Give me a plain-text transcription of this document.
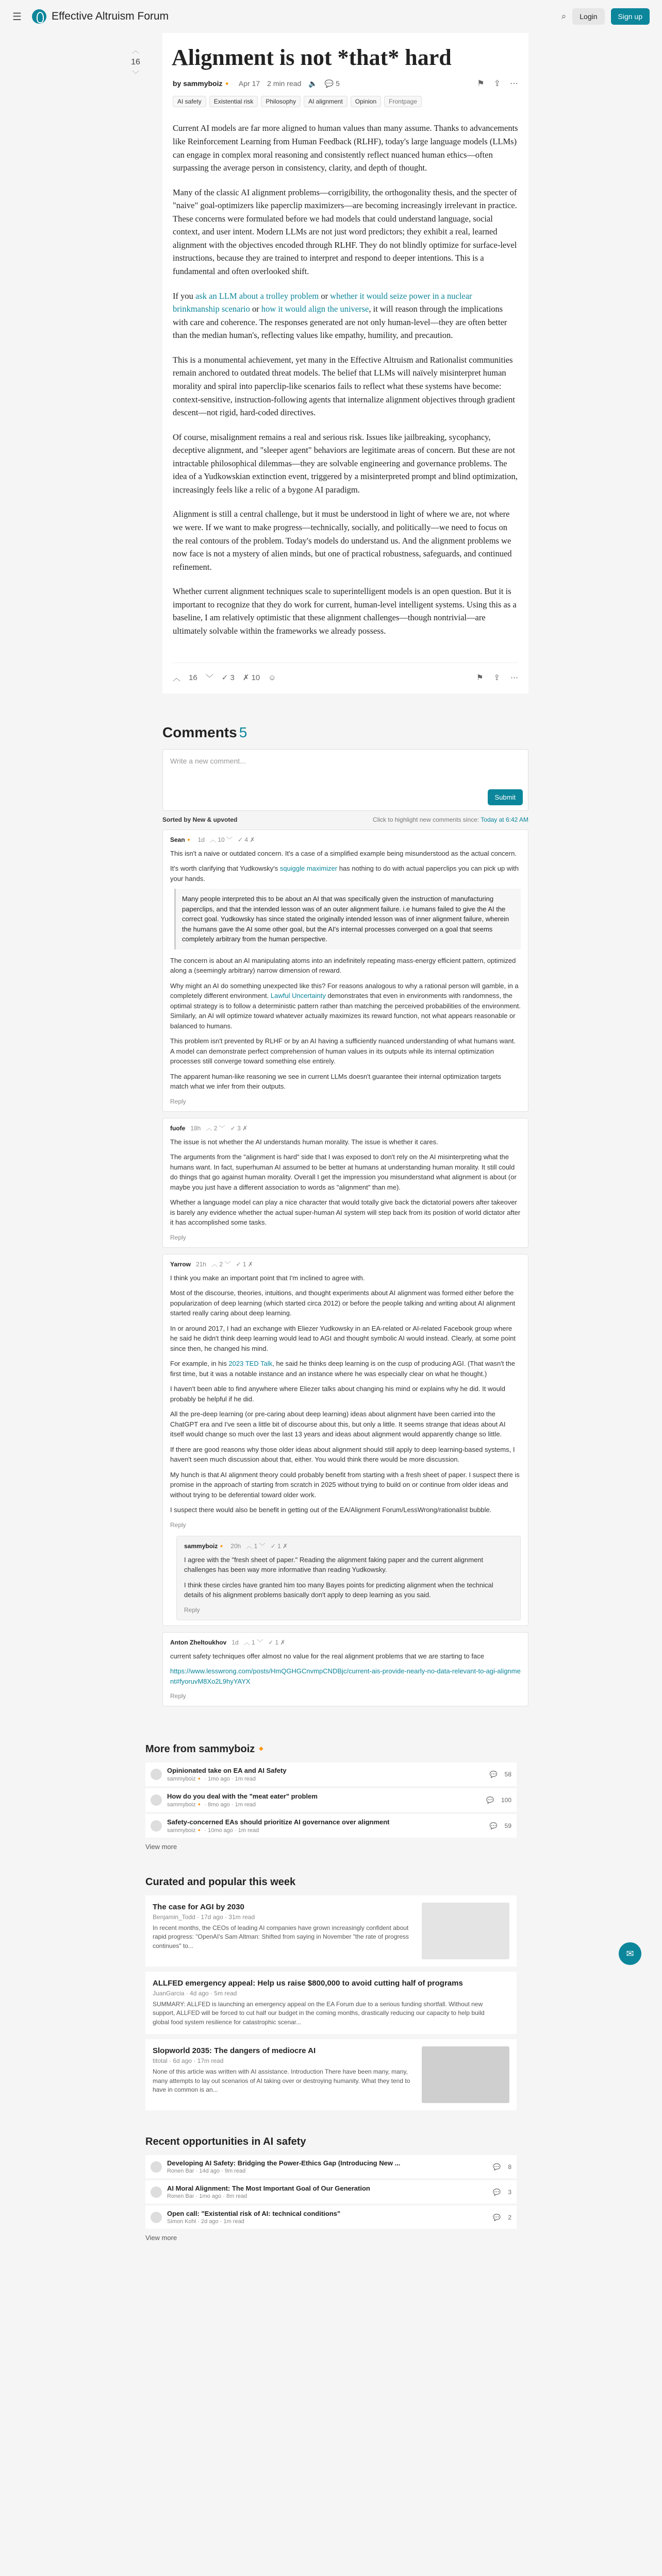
☰	Effective Altruism Forum	⌕	Login	Sign up
︿
16
﹀
Alignment is not *that* hard
by sammyboiz🔸 Apr 17 2 min read 🔈 💬 5	⚑ ⇪ ⋯
AI safety	Existential risk	Philosophy	AI alignment	Opinion	Frontpage

Current AI models are far more aligned to human values than many assume. Thanks to advancements like Reinforcement Learning from Human Feedback (RLHF), today's large language models (LLMs) can engage in complex moral reasoning and consistently reflect nuanced human ethics—often surpassing the average person in consistency, clarity, and depth of thought.

Many of the classic AI alignment problems—corrigibility, the orthogonality thesis, and the specter of "naive" goal-optimizers like paperclip maximizers—are becoming increasingly irrelevant in practice. These concerns were formulated before we had models that could understand language, social context, and user intent. Modern LLMs are not just word predictors; they exhibit a real, learned alignment with the objectives encoded through RLHF. They do not blindly optimize for surface-level instructions, because they are trained to interpret and respond to deeper intentions. This is a fundamental and often overlooked shift.

If you ask an LLM about a trolley problem or whether it would seize power in a nuclear brinkmanship scenario or how it would align the universe, it will reason through the implications with care and coherence. The responses generated are not only human-level—they are often better than the median human's, reflecting values like empathy, humility, and precaution.

This is a monumental achievement, yet many in the Effective Altruism and Rationalist communities remain anchored to outdated threat models. The belief that LLMs will naïvely misinterpret human morality and spiral into paperclip-like scenarios fails to reflect what these systems have become: context-sensitive, instruction-following agents that internalize alignment objectives through gradient descent—not rigid, hard-coded directives.

Of course, misalignment remains a real and serious risk. Issues like jailbreaking, sycophancy, deceptive alignment, and "sleeper agent" behaviors are legitimate areas of concern. But these are not intractable philosophical dilemmas—they are solvable engineering and governance problems. The idea of a Yudkowskian extinction event, triggered by a misinterpreted prompt and blind optimization, increasingly feels like a relic of a bygone AI paradigm.

Alignment is still a central challenge, but it must be understood in light of where we are, not where we were. If we want to make progress—technically, socially, and politically—we need to focus on the real contours of the problem. Today's models do understand us. And the alignment problems we now face is not a mystery of alien minds, but one of practical robustness, safeguards, and continued refinement.

Whether current alignment techniques scale to superintelligent models is an open question. But it is important to recognize that they do work for current, human-level intelligent systems. Using this as a baseline, I am relatively optimistic that these alignment challenges—though nontrivial—are ultimately solvable within the frameworks we already possess.

︿ 16 ﹀ ✓ 3 ✗ 10 ☺	⚑ ⇪ ⋯
Comments 5
Write a new comment...
Submit
Sorted by New & upvoted	Click to highlight new comments since: Today at 6:42 AM
Sean🔸 1d ︿ 10 ﹀ ✓ 4 ✗

This isn't a naive or outdated concern. It's a case of a simplified example being misunderstood as the actual concern.

It's worth clarifying that Yudkowsky's squiggle maximizer has nothing to do with actual paperclips you can pick up with your hands.

Many people interpreted this to be about an AI that was specifically given the instruction of manufacturing paperclips, and that the intended lesson was of an outer alignment failure. i.e humans failed to give the AI the correct goal. Yudkowsky has since stated the originally intended lesson was of inner alignment failure, wherein the humans gave the AI some other goal, but the AI's internal processes converged on a goal that seems completely arbitrary from the human perspective.

The concern is about an AI manipulating atoms into an indefinitely repeating mass-energy efficient pattern, optimized along a (seemingly arbitrary) narrow dimension of reward.

Why might an AI do something unexpected like this? For reasons analogous to why a rational person will gamble, in a completely different environment. Lawful Uncertainty demonstrates that even in environments with randomness, the optimal strategy is to follow a deterministic pattern rather than matching the perceived probabilities of the environment. Similarly, an AI will optimize toward whatever actually maximizes its reward function, not what appears reasonable or balanced to humans.

This problem isn't prevented by RLHF or by an AI having a sufficiently nuanced understanding of what humans want. A model can demonstrate perfect comprehension of human values in its outputs while its internal optimization processes still converge toward something else entirely.

The apparent human-like reasoning we see in current LLMs doesn't guarantee their internal optimization targets match what we infer from their outputs.

Reply
fuofe 18h ︿ 2 ﹀ ✓ 3 ✗

The issue is not whether the AI understands human morality. The issue is whether it cares.

The arguments from the "alignment is hard" side that I was exposed to don't rely on the AI misinterpreting what the humans want. In fact, superhuman AI assumed to be better at humans at understanding human morality. It still could do things that go against human morality. Overall I get the impression you misunderstand what alignment is about (or maybe you just have a different association to words as "alignment" than me).

Whether a language model can play a nice character that would totally give back the dictatorial powers after takeover is barely any evidence whether the actual super-human AI system will step back from its position of world dictator after it has accomplished some tasks.

Reply
Yarrow 21h ︿ 2 ﹀ ✓ 1 ✗

I think you make an important point that I'm inclined to agree with.

Most of the discourse, theories, intuitions, and thought experiments about AI alignment was formed either before the popularization of deep learning (which started circa 2012) or before the people talking and writing about AI alignment started really caring about deep learning.

In or around 2017, I had an exchange with Eliezer Yudkowsky in an EA-related or AI-related Facebook group where he said he didn't think deep learning would lead to AGI and thought symbolic AI would instead. Clearly, at some point since then, he changed his mind.

For example, in his 2023 TED Talk, he said he thinks deep learning is on the cusp of producing AGI. (That wasn't the first time, but it was a notable instance and an instance where he was especially clear on what he thought.)

I haven't been able to find anywhere where Eliezer talks about changing his mind or explains why he did. It would probably be helpful if he did.

All the pre-deep learning (or pre-caring about deep learning) ideas about alignment have been carried into the ChatGPT era and I've seen a little bit of discourse about this, but only a little. It seems strange that ideas about AI itself would change so much over the last 13 years and ideas about alignment would apparently change so little.

If there are good reasons why those older ideas about alignment should still apply to deep learning-based systems, I haven't seen much discussion about that, either. You would think there would be more discussion.

My hunch is that AI alignment theory could probably benefit from starting with a fresh sheet of paper. I suspect there is promise in the approach of starting from scratch in 2025 without trying to build on or continue from older ideas and without trying to be deferential toward older work.

I suspect there would also be benefit in getting out of the EA/Alignment Forum/LessWrong/rationalist bubble.

Reply
sammyboiz🔸 20h ︿ 1 ﹀ ✓ 1 ✗

I agree with the "fresh sheet of paper." Reading the alignment faking paper and the current alignment challenges has been way more informative than reading Yudkowsky.

I think these circles have granted him too many Bayes points for predicting alignment when the technical details of his alignment problems basically don't apply to deep learning as you said.

Reply
Anton Zheltoukhov 1d ︿ 1 ﹀ ✓ 1 ✗

current safety techniques offer almost no value for the real alignment problems that we are starting to face

https://www.lesswrong.com/posts/HmQGHGCnvmpCNDBjc/current-ais-provide-nearly-no-data-relevant-to-agi-alignment#fyoruvM8Xo2L9hyYAYX

Reply
More from sammyboiz🔸
Opinionated take on EA and AI Safety
sammyboiz🔸 · 1mo ago · 1m read
💬 58
How do you deal with the "meat eater" problem
sammyboiz🔸 · 8mo ago · 1m read
💬 100
Safety-concerned EAs should prioritize AI governance over alignment
sammyboiz🔸 · 10mo ago · 1m read
💬 59
View more
Curated and popular this week
The case for AGI by 2030
Benjamin_Todd · 17d ago · 31m read
In recent months, the CEOs of leading AI companies have grown increasingly confident about rapid progress: "OpenAI's Sam Altman: Shifted from saying in November "the rate of progress continues" to...
ALLFED emergency appeal: Help us raise $800,000 to avoid cutting half of programs
JuanGarcia · 4d ago · 5m read
SUMMARY: ALLFED is launching an emergency appeal on the EA Forum due to a serious funding shortfall. Without new support, ALLFED will be forced to cut half our budget in the coming months, drastically reducing our capacity to help build global food system resilience for catastrophic scenar...
Slopworld 2035: The dangers of mediocre AI
titotal · 6d ago · 17m read
None of this article was written with AI assistance. Introduction There have been many, many, many attempts to lay out scenarios of AI taking over or destroying humanity. What they tend to have in common is an...
Recent opportunities in AI safety
Developing AI Safety: Bridging the Power-Ethics Gap (Introducing New ...
Ronen Bar · 14d ago · 9m read
💬 8
AI Moral Alignment: The Most Important Goal of Our Generation
Ronen Bar · 1mo ago · 8m read
💬 3
Open call: "Existential risk of AI: technical conditions"
Simon Kohl · 2d ago · 1m read
💬 2
View more
✉
